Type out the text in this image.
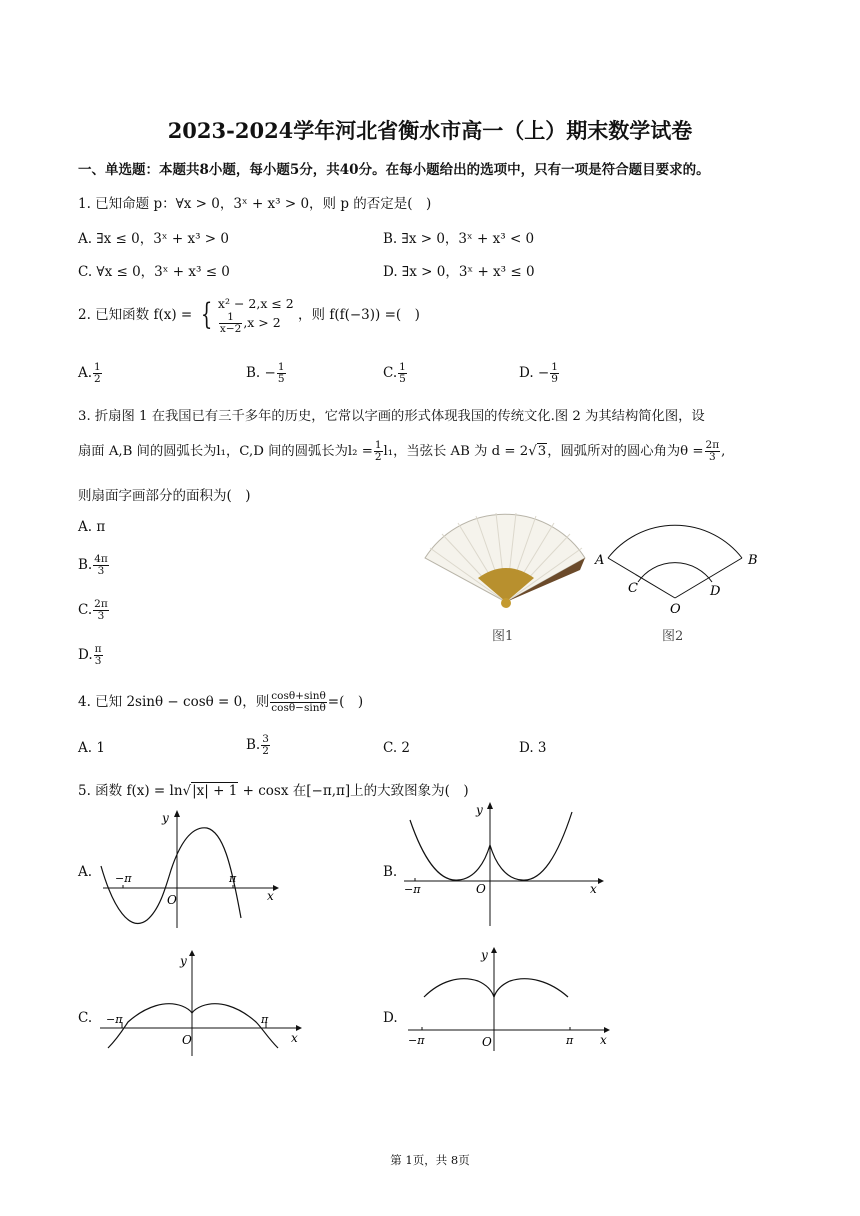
2023-2024学年河北省衡水市高一（上）期末数学试卷
一、单选题：本题共8小题，每小题5分，共40分。在每小题给出的选项中，只有一项是符合题目要求的。
1. 已知命题 p：∀x > 0，3ˣ + x³ > 0，则 p 的否定是(　)
A. ∃x ≤ 0，3ˣ + x³ > 0	B. ∃x > 0，3ˣ + x³ < 0
C. ∀x ≤ 0，3ˣ + x³ ≤ 0	D. ∃x > 0，3ˣ + x³ ≤ 0
2. 已知函数 f(x) = { x² − 2,x ≤ 2
$\frac{1}{x-2} ,x > 2$	，则 f(f(−3)) =(　)
A. $\frac{1}{2}$	B. − $\frac{1}{5}$	C. $\frac{1}{5}$	D. − $\frac{1}{9}$
3. 折扇图 1 在我国已有三千多年的历史，它常以字画的形式体现我国的传统文化.图 2 为其结构简化图，设
扇面 A,B 间的圆弧长为l₁，C,D 间的圆弧长为$l_2 = \frac{1}{2} l_1$，当弦长 AB 为 d = 2√3，圆弧所对的圆心角为$\theta = \frac{2\pi}{3}$ ,
则扇面字画部分的面积为(　)
A. π
B. $\frac{4\pi}{3}$
C. $\frac{2\pi}{3}$
D. $\frac{\pi}{3}$
图1
A	B
C	D
O
图2
4. 已知 2sinθ − cosθ = 0，则 $\frac{\cos\theta+\sin\theta}{\cos\theta-\sin\theta}$ =(　)
A. 1	B. $\frac{3}{2}$	C. 2	D. 3
5. 函数 f(x) = ln√|x| + 1 + cosx 在[−π,π]上的大致图象为(　)
A.
O
−π	π
y
x
B.
O
−π
y
x
C.
O
−π	π
y
x
D.
O
−π	π
y
x
第 1页，共 8页
